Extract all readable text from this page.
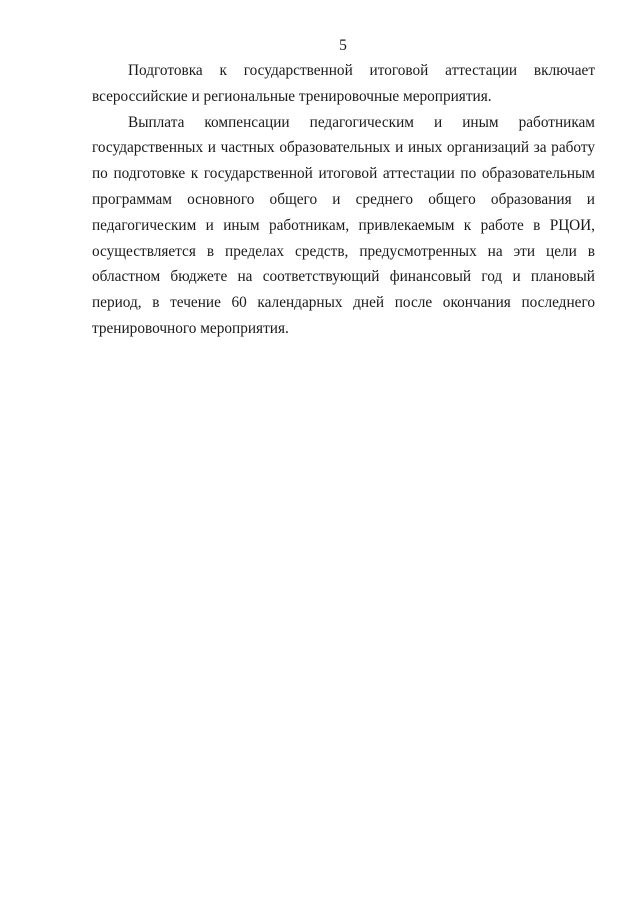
5

Подготовка к государственной итоговой аттестации включает всероссийские и региональные тренировочные мероприятия.

Выплата компенсации педагогическим и иным работникам государственных и частных образовательных и иных организаций за работу по подготовке к государственной итоговой аттестации по образовательным программам основного общего и среднего общего образования и педагогическим и иным работникам, привлекаемым к работе в РЦОИ, осуществляется в пределах средств, предусмотренных на эти цели в областном бюджете на соответствующий финансовый год и плановый период, в течение 60 календарных дней после окончания последнего тренировочного мероприятия.
